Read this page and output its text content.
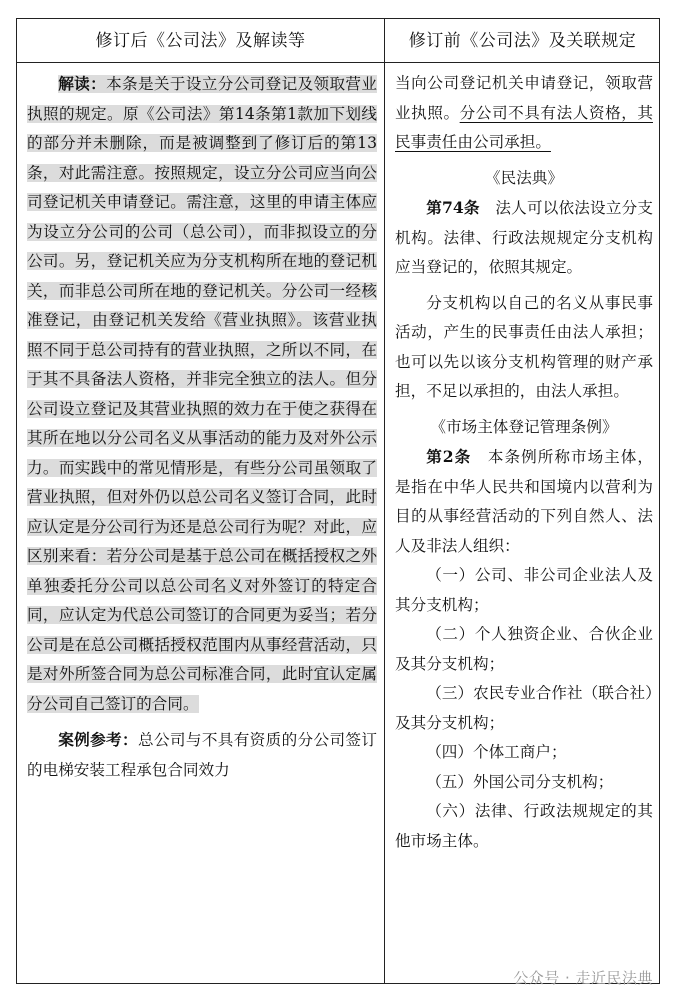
修订后《公司法》及解读等	修订前《公司法》及关联规定

解读：本条是关于设立分公司登记及领取营业执照的规定。原《公司法》第14条第1款加下划线的部分并未删除，而是被调整到了修订后的第13条，对此需注意。按照规定，设立分公司应当向公司登记机关申请登记。需注意，这里的申请主体应为设立分公司的公司（总公司），而非拟设立的分公司。另，登记机关应为分支机构所在地的登记机关，而非总公司所在地的登记机关。分公司一经核准登记，由登记机关发给《营业执照》。该营业执照不同于总公司持有的营业执照，之所以不同，在于其不具备法人资格，并非完全独立的法人。但分公司设立登记及其营业执照的效力在于使之获得在其所在地以分公司名义从事活动的能力及对外公示力。而实践中的常见情形是，有些分公司虽领取了营业执照，但对外仍以总公司名义签订合同，此时应认定是分公司行为还是总公司行为呢？对此，应区别来看：若分公司是基于总公司在概括授权之外单独委托分公司以总公司名义对外签订的特定合同，应认定为代总公司签订的合同更为妥当；若分公司是在总公司概括授权范围内从事经营活动，只是对外所签合同为总公司标准合同，此时宜认定属分公司自己签订的合同。

案例参考：总公司与不具有资质的分公司签订的电梯安装工程承包合同效力

当向公司登记机关申请登记，领取营业执照。分公司不具有法人资格，其民事责任由公司承担。

《民法典》

第74条　 法人可以依法设立分支机构。法律、行政法规规定分支机构应当登记的，依照其规定。

分支机构以自己的名义从事民事活动，产生的民事责任由法人承担；也可以先以该分支机构管理的财产承担，不足以承担的，由法人承担。

《市场主体登记管理条例》

第2条　 本条例所称市场主体，是指在中华人民共和国境内以营利为目的从事经营活动的下列自然人、法人及非法人组织：

（一）公司、非公司企业法人及其分支机构；

（二）个人独资企业、合伙企业及其分支机构；

（三）农民专业合作社（联合社）及其分支机构；

（四）个体工商户；

（五）外国公司分支机构；

（六）法律、行政法规规定的其他市场主体。

公众号 · 走近民法典
